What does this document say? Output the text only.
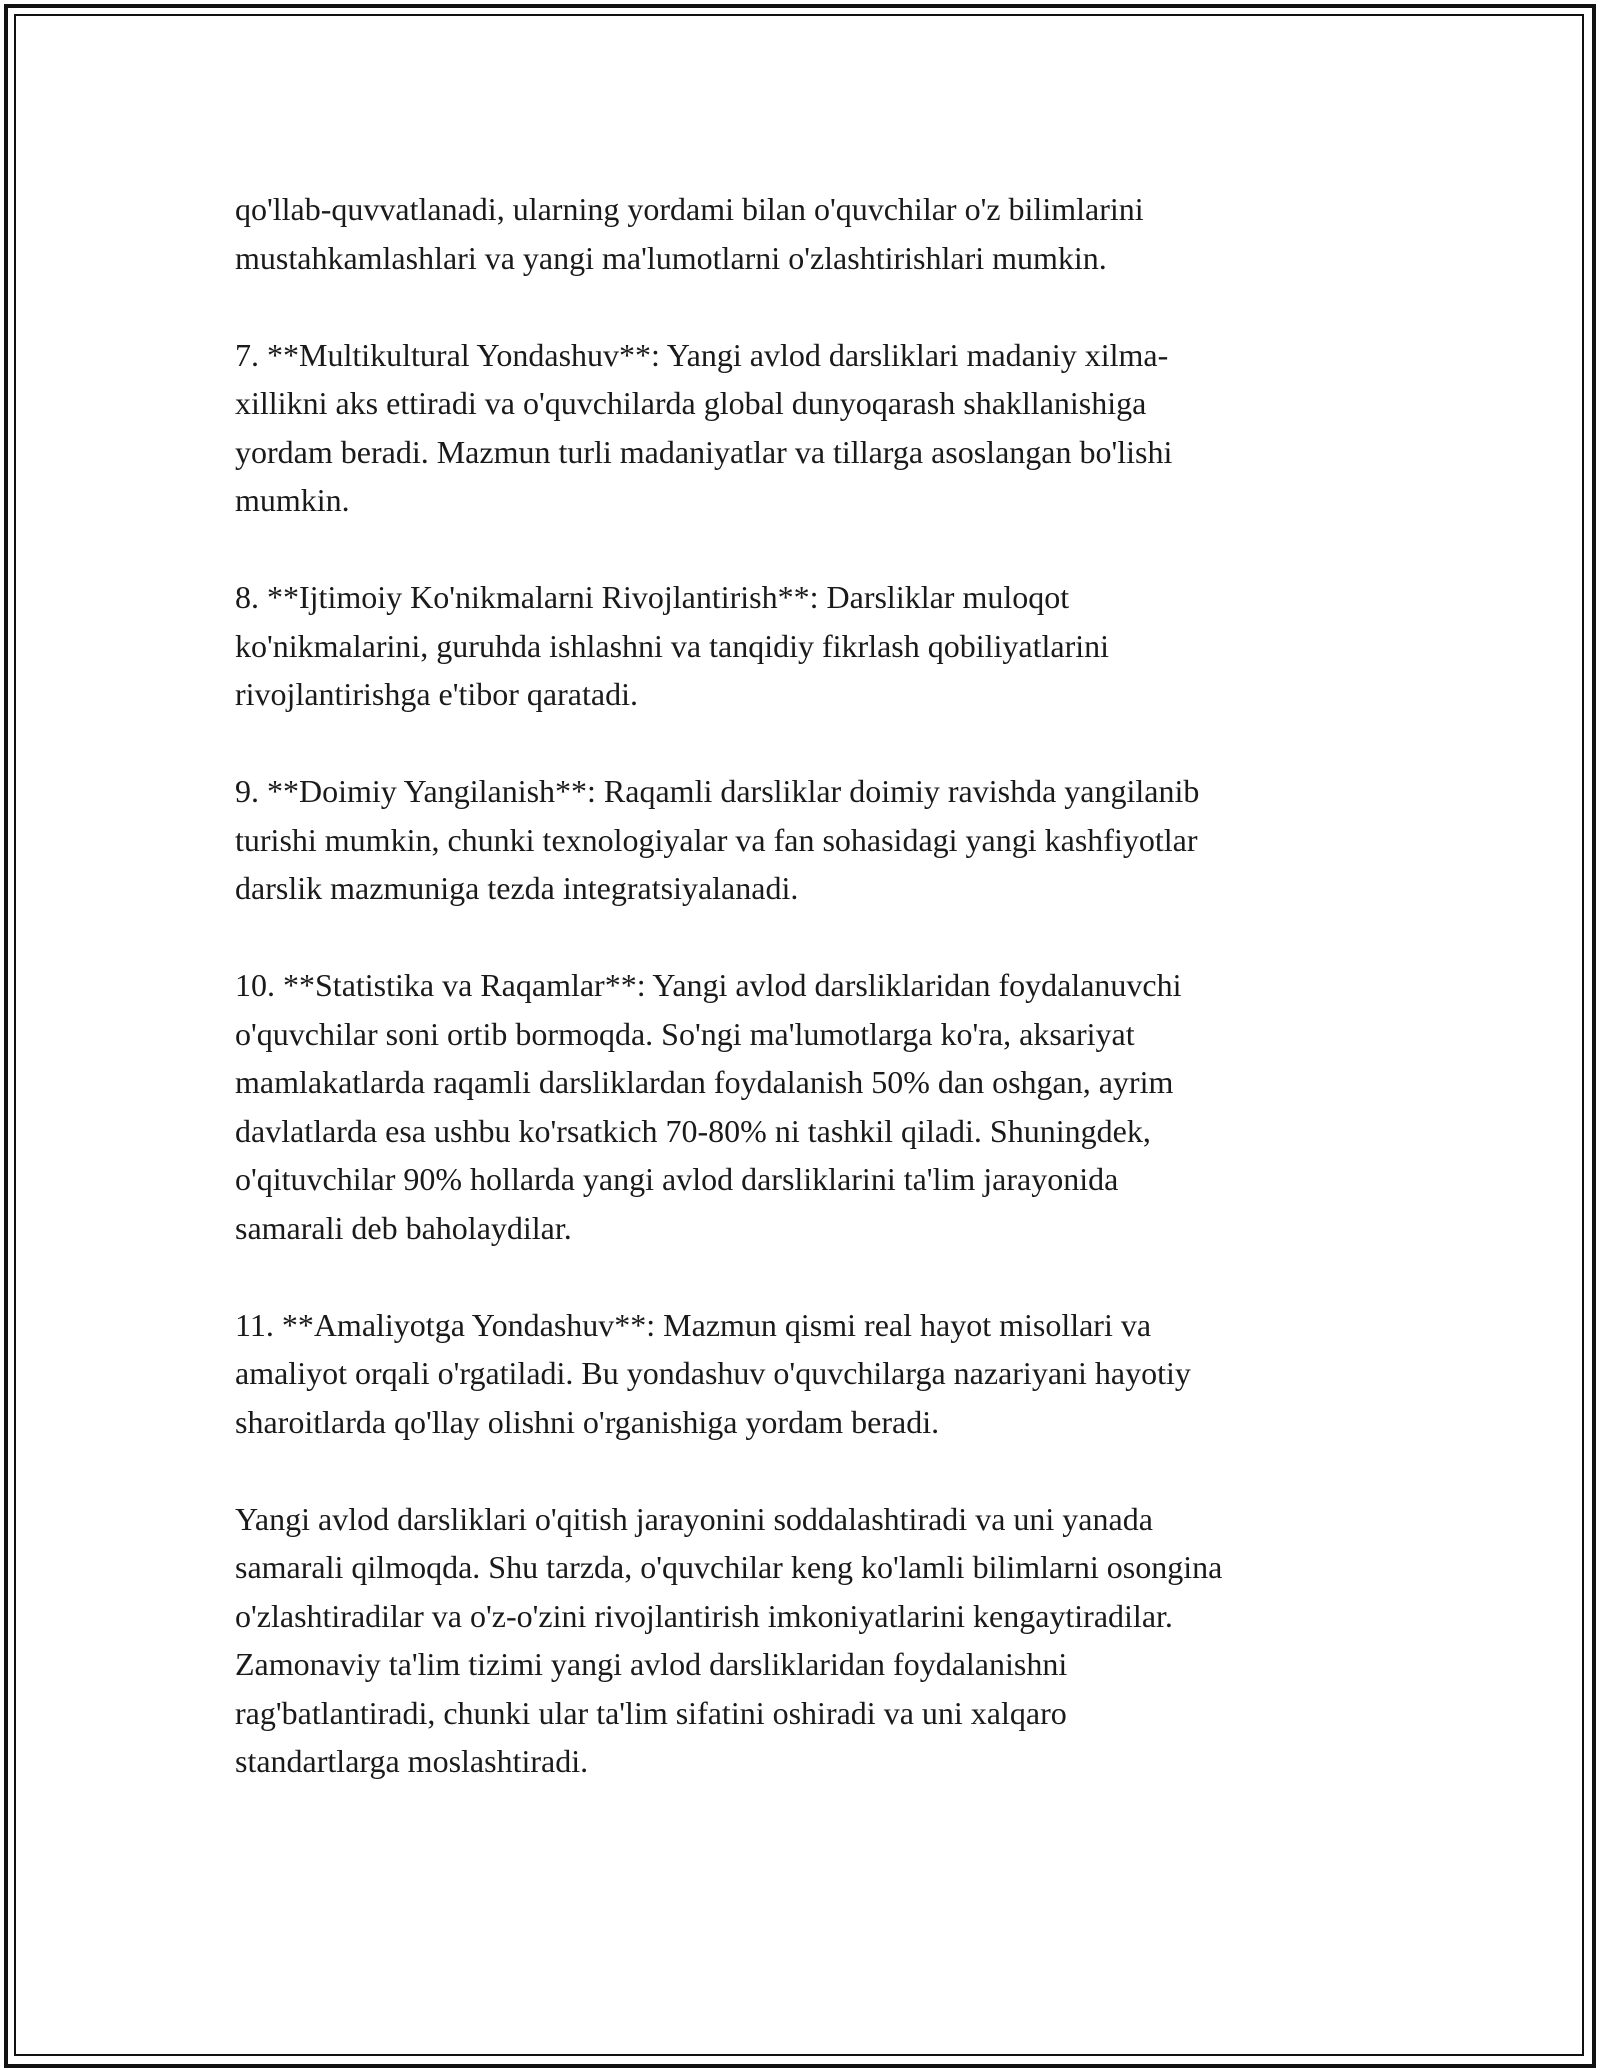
qo'llab-quvvatlanadi, ularning yordami bilan o'quvchilar o'z bilimlarini
mustahkamlashlari va yangi ma'lumotlarni o'zlashtirishlari mumkin.

7. **Multikultural Yondashuv**: Yangi avlod darsliklari madaniy xilma-
xillikni aks ettiradi va o'quvchilarda global dunyoqarash shakllanishiga
yordam beradi. Mazmun turli madaniyatlar va tillarga asoslangan bo'lishi
mumkin.

8. **Ijtimoiy Ko'nikmalarni Rivojlantirish**: Darsliklar muloqot
ko'nikmalarini, guruhda ishlashni va tanqidiy fikrlash qobiliyatlarini
rivojlantirishga e'tibor qaratadi.

9. **Doimiy Yangilanish**: Raqamli darsliklar doimiy ravishda yangilanib
turishi mumkin, chunki texnologiyalar va fan sohasidagi yangi kashfiyotlar
darslik mazmuniga tezda integratsiyalanadi.

10. **Statistika va Raqamlar**: Yangi avlod darsliklaridan foydalanuvchi
o'quvchilar soni ortib bormoqda. So'ngi ma'lumotlarga ko'ra, aksariyat
mamlakatlarda raqamli darsliklardan foydalanish 50% dan oshgan, ayrim
davlatlarda esa ushbu ko'rsatkich 70-80% ni tashkil qiladi. Shuningdek,
o'qituvchilar 90% hollarda yangi avlod darsliklarini ta'lim jarayonida
samarali deb baholaydilar.

11. **Amaliyotga Yondashuv**: Mazmun qismi real hayot misollari va
amaliyot orqali o'rgatiladi. Bu yondashuv o'quvchilarga nazariyani hayotiy
sharoitlarda qo'llay olishni o'rganishiga yordam beradi.

Yangi avlod darsliklari o'qitish jarayonini soddalashtiradi va uni yanada
samarali qilmoqda. Shu tarzda, o'quvchilar keng ko'lamli bilimlarni osongina
o'zlashtiradilar va o'z-o'zini rivojlantirish imkoniyatlarini kengaytiradilar.
Zamonaviy ta'lim tizimi yangi avlod darsliklaridan foydalanishni
rag'batlantiradi, chunki ular ta'lim sifatini oshiradi va uni xalqaro
standartlarga moslashtiradi.
